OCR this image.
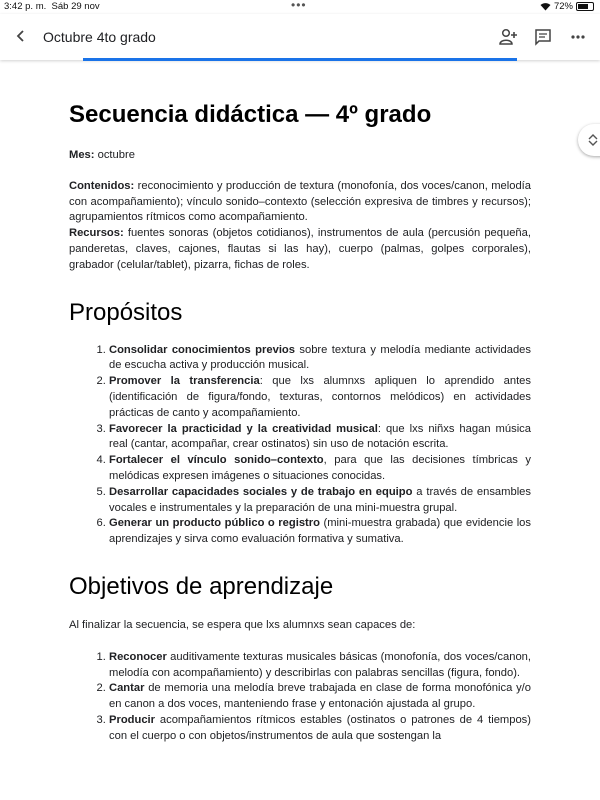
3:42 p. m. Sáb 29 nov	•••	72%
Octubre 4to grado
Secuencia didáctica — 4º grado

Mes: octubre

Contenidos: reconocimiento y producción de textura (monofonía, dos voces/canon, melodía con acompañamiento); vínculo sonido–contexto (selección expresiva de timbres y recursos); agrupamientos rítmicos como acompañamiento.

Recursos: fuentes sonoras (objetos cotidianos), instrumentos de aula (percusión pequeña, panderetas, claves, cajones, flautas si las hay), cuerpo (palmas, golpes corporales), grabador (celular/tablet), pizarra, fichas de roles.

Propósitos
1. Consolidar conocimientos previos sobre textura y melodía mediante actividades de escucha activa y producción musical.
2. Promover la transferencia: que lxs alumnxs apliquen lo aprendido antes (identificación de figura/fondo, texturas, contornos melódicos) en actividades prácticas de canto y acompañamiento.
3. Favorecer la practicidad y la creatividad musical: que lxs niñxs hagan música real (cantar, acompañar, crear ostinatos) sin uso de notación escrita.
4. Fortalecer el vínculo sonido–contexto, para que las decisiones tímbricas y melódicas expresen imágenes o situaciones conocidas.
5. Desarrollar capacidades sociales y de trabajo en equipo a través de ensambles vocales e instrumentales y la preparación de una mini-muestra grupal.
6. Generar un producto público o registro (mini-muestra grabada) que evidencie los aprendizajes y sirva como evaluación formativa y sumativa.
Objetivos de aprendizaje

Al finalizar la secuencia, se espera que lxs alumnxs sean capaces de:

1. Reconocer auditivamente texturas musicales básicas (monofonía, dos voces/canon, melodía con acompañamiento) y describirlas con palabras sencillas (figura, fondo).
2. Cantar de memoria una melodía breve trabajada en clase de forma monofónica y/o en canon a dos voces, manteniendo frase y entonación ajustada al grupo.
3. Producir acompañamientos rítmicos estables (ostinatos o patrones de 4 tiempos) con el cuerpo o con objetos/instrumentos de aula que sostengan la
